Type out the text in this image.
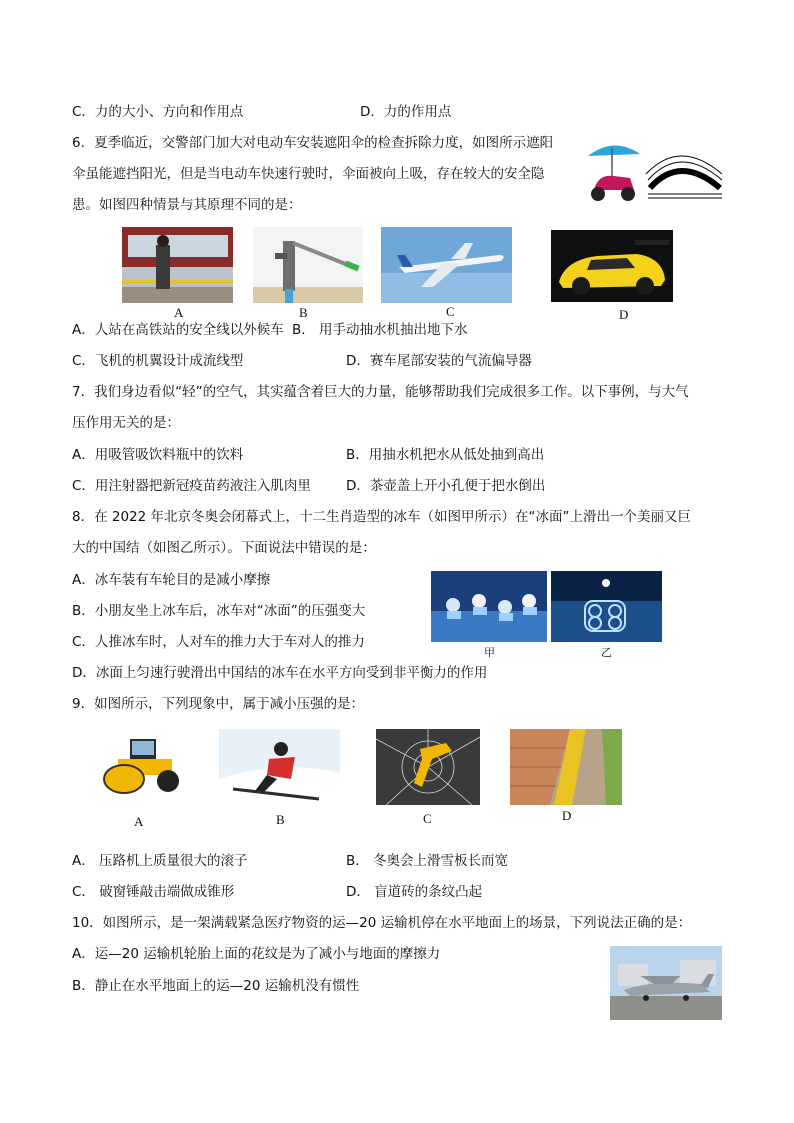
C．力的大小、方向和作用点	D．力的作用点
6．夏季临近，交警部门加大对电动车安装遮阳伞的检查拆除力度，如图所示遮阳
伞虽能遮挡阳光，但是当电动车快速行驶时，伞面被向上吸，存在较大的安全隐
患。如图四种情景与其原理不同的是：
A	B	C	D
A．人站在高铁站的安全线以外候车 B． 用手动抽水机抽出地下水
C．飞机的机翼设计成流线型	D．赛车尾部安装的气流偏导器
7．我们身边看似“轻”的空气，其实蕴含着巨大的力量，能够帮助我们完成很多工作。以下事例，与大气
压作用无关的是：
A．用吸管吸饮料瓶中的饮料	B．用抽水机把水从低处抽到高出
C．用注射器把新冠疫苗药液注入肌肉里	D．茶壶盖上开小孔便于把水倒出
8．在 2022 年北京冬奥会闭幕式上，十二生肖造型的冰车（如图甲所示）在“冰面”上滑出一个美丽又巨
大的中国结（如图乙所示）。下面说法中错误的是：
A．冰车装有车轮目的是减小摩擦
B．小朋友坐上冰车后，冰车对“冰面”的压强变大
C．人推冰车时，人对车的推力大于车对人的推力
D．冰面上匀速行驶滑出中国结的冰车在水平方向受到非平衡力的作用
甲	乙
9．如图所示，下列现象中，属于减小压强的是：
A	B	C	D
A． 压路机上质量很大的滚子	B． 冬奥会上滑雪板长而宽
C． 破窗锤敲击端做成锥形	D． 盲道砖的条纹凸起
10．如图所示，是一架满载紧急医疗物资的运—20 运输机停在水平地面上的场景，下列说法正确的是：
A．运—20 运输机轮胎上面的花纹是为了减小与地面的摩擦力
B．静止在水平地面上的运—20 运输机没有惯性
